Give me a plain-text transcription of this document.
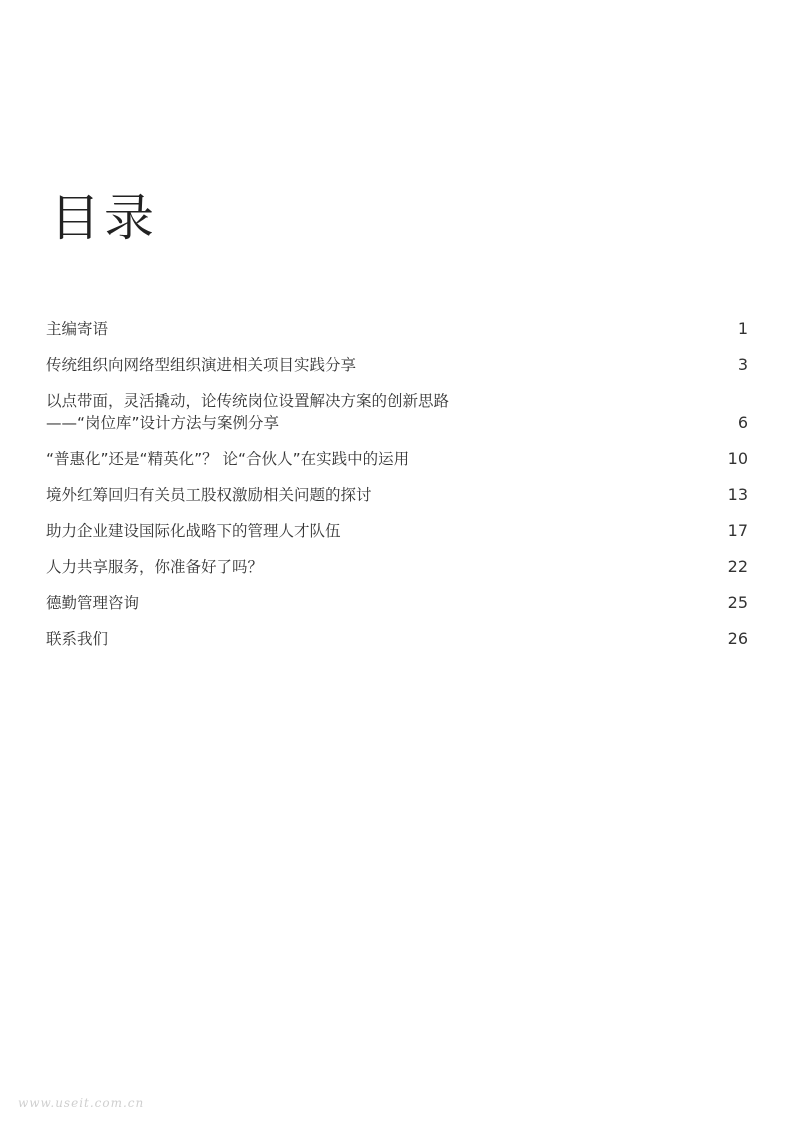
目录
主编寄语	1
传统组织向网络型组织演进相关项目实践分享	3
以点带面，灵活撬动，论传统岗位设置解决方案的创新思路
——“岗位库”设计方法与案例分享	6
“普惠化”还是“精英化”？ 论“合伙人”在实践中的运用	10
境外红筹回归有关员工股权激励相关问题的探讨	13
助力企业建设国际化战略下的管理人才队伍	17
人力共享服务，你准备好了吗？	22
德勤管理咨询	25
联系我们	26
www.useit.com.cn
